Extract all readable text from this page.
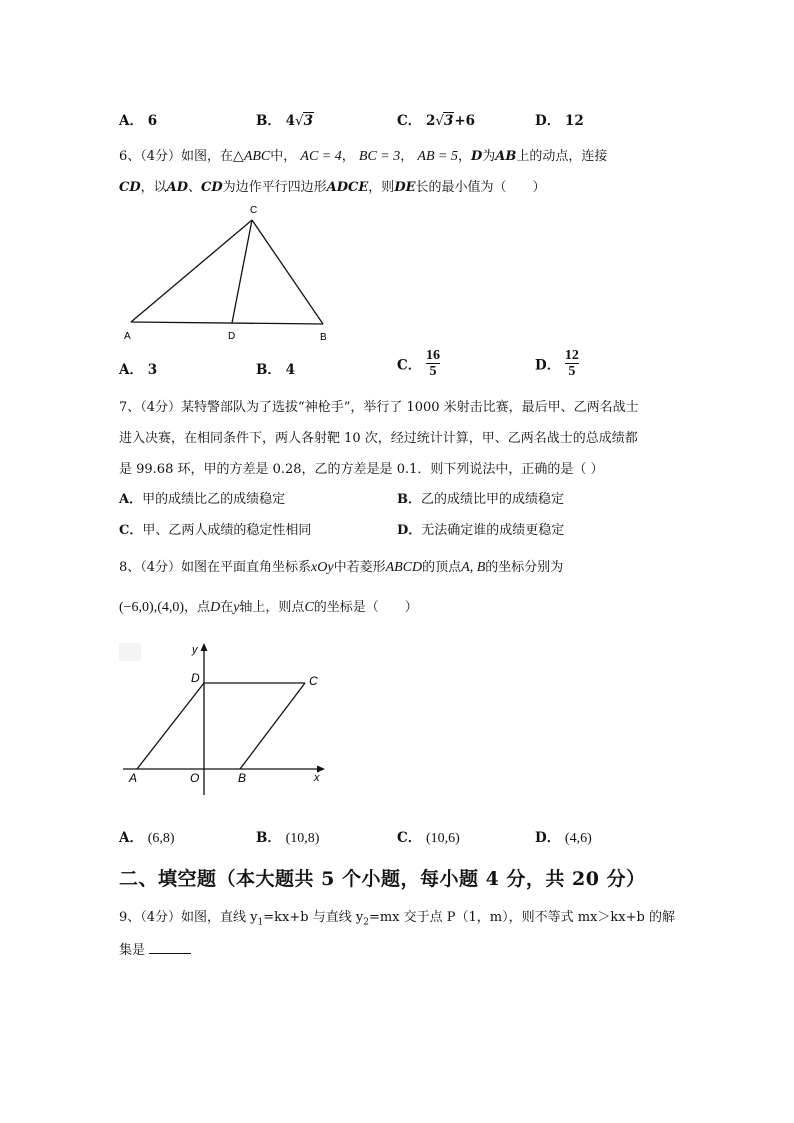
A． 6	B． 4√3	C． 2√3+6	D． 12
6、（4分）如图，在△ABC中， AC = 4， BC = 3， AB = 5，D为AB上的动点，连接
CD，以AD、CD为边作平行四边形ADCE，则DE长的最小值为（　　）
C
A	D	B
A． 3	B． 4	C． $\frac{16}{5}$	D． $\frac{12}{5}$
7、（4分）某特警部队为了选拔“神枪手”，举行了 1000 米射击比赛，最后甲、乙两名战士
进入决赛，在相同条件下，两人各射靶 10 次，经过统计计算，甲、乙两名战士的总成绩都
是 99.68 环，甲的方差是 0.28，乙的方差是是 0.1．则下列说法中，正确的是（ ）
A．甲的成绩比乙的成绩稳定	B．乙的成绩比甲的成绩稳定
C．甲、乙两人成绩的稳定性相同	D．无法确定谁的成绩更稳定
8、（4分）如图在平面直角坐标系xOy中若菱形ABCD的顶点A, B的坐标分别为
(−6,0),(4,0)，点D在y轴上，则点C的坐标是（　　）
y
D	C
A	O	B	x
A． (6,8)	B． (10,8)	C． (10,6)	D． (4,6)
二、填空题（本大题共 5 个小题，每小题 4 分，共 20 分）
9、（4分）如图，直线 $y_1=kx+b$ 与直线 $y_2=mx$ 交于点 P（1，m），则不等式 mx＞kx+b 的解
集是
